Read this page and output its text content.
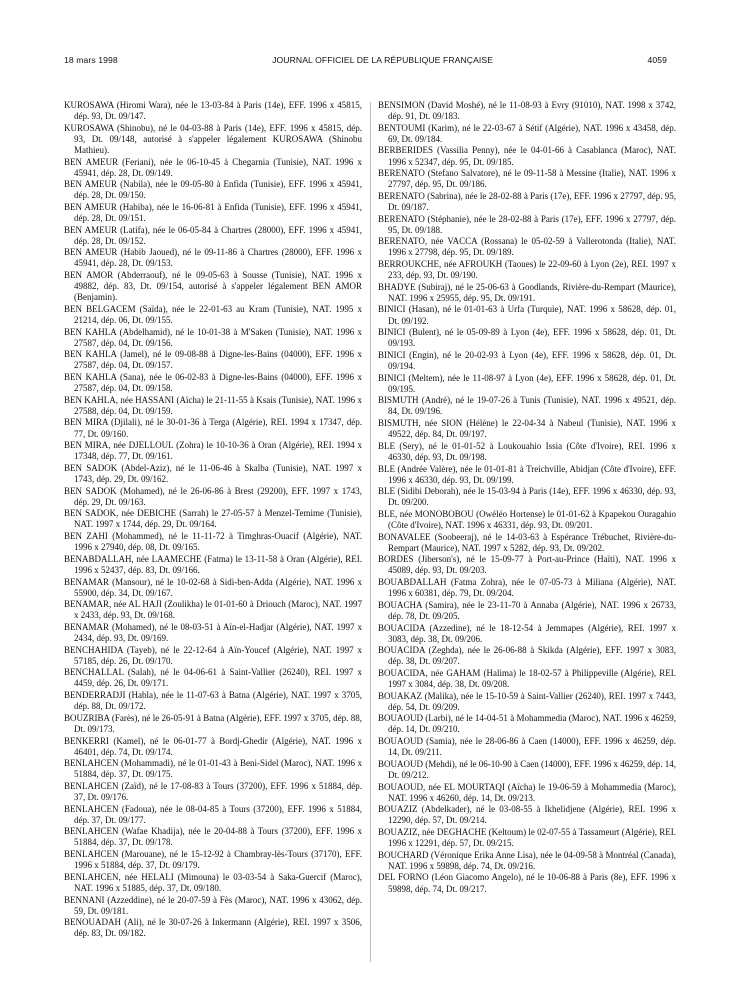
18 mars 1998	JOURNAL OFFICIEL DE LA RÉPUBLIQUE FRANÇAISE	4059

KUROSAWA (Hiromi Wara), née le 13-03-84 à Paris (14e), EFF. 1996 x 45815, dép. 93, Dt. 09/147.

KUROSAWA (Shinobu), né le 04-03-88 à Paris (14e), EFF. 1996 x 45815, dép. 93, Dt. 09/148, autorisé à s'appeler légalement KUROSAWA (Shinobu Mathieu).

BEN AMEUR (Feriani), née le 06-10-45 à Chegarnia (Tunisie), NAT. 1996 x 45941, dép. 28, Dt. 09/149.

BEN AMEUR (Nabila), née le 09-05-80 à Enfida (Tunisie), EFF. 1996 x 45941, dép. 28, Dt. 09/150.

BEN AMEUR (Habiba), née le 16-06-81 à Enfida (Tunisie), EFF. 1996 x 45941, dép. 28, Dt. 09/151.

BEN AMEUR (Latifa), née le 06-05-84 à Chartres (28000), EFF. 1996 x 45941, dép. 28, Dt. 09/152.

BEN AMEUR (Habib Jaoued), né le 09-11-86 à Chartres (28000), EFF. 1996 x 45941, dép. 28, Dt. 09/153.

BEN AMOR (Abderraouf), né le 09-05-63 à Sousse (Tunisie), NAT. 1996 x 49882, dép. 83, Dt. 09/154, autorisé à s'appeler légalement BEN AMOR (Benjamin).

BEN BELGACEM (Saïda), née le 22-01-63 au Kram (Tunisie), NAT. 1995 x 21214, dép. 06, Dt. 09/155.

BEN KAHLA (Abdelhamid), né le 10-01-38 à M'Saken (Tunisie), NAT. 1996 x 27587, dép. 04, Dt. 09/156.

BEN KAHLA (Jamel), né le 09-08-88 à Digne-les-Bains (04000), EFF. 1996 x 27587, dép. 04, Dt. 09/157.

BEN KAHLA (Sana), née le 06-02-83 à Digne-les-Bains (04000), EFF. 1996 x 27587, dép. 04, Dt. 09/158.

BEN KAHLA, née HASSANI (Aïcha) le 21-11-55 à Ksais (Tunisie), NAT. 1996 x 27588, dép. 04, Dt. 09/159.

BEN MIRA (Djilali), né le 30-01-36 à Terga (Algérie), REI. 1994 x 17347, dép. 77, Dt. 09/160.

BEN MIRA, née DJELLOUL (Zohra) le 10-10-36 à Oran (Algérie), REI. 1994 x 17348, dép. 77, Dt. 09/161.

BEN SADOK (Abdel-Aziz), né le 11-06-46 à Skalba (Tunisie), NAT. 1997 x 1743, dép. 29, Dt. 09/162.

BEN SADOK (Mohamed), né le 26-06-86 à Brest (29200), EFF. 1997 x 1743, dép. 29, Dt. 09/163.

BEN SADOK, née DEBICHE (Sarrah) le 27-05-57 à Menzel-Temime (Tunisie), NAT. 1997 x 1744, dép. 29, Dt. 09/164.

BEN ZAHI (Mohammed), né le 11-11-72 à Timghras-Ouacif (Algérie), NAT. 1996 x 27940, dép. 08, Dt. 09/165.

BENABDALLAH, née LAAMECHE (Fatma) le 13-11-58 à Oran (Algérie), REI. 1996 x 52437, dép. 83, Dt. 09/166.

BENAMAR (Mansour), né le 10-02-68 à Sidi-ben-Adda (Algérie), NAT. 1996 x 55900, dép. 34, Dt. 09/167.

BENAMAR, née AL HAJI (Zoulikha) le 01-01-60 à Driouch (Maroc), NAT. 1997 x 2433, dép. 93, Dt. 09/168.

BENAMAR (Mohamed), né le 08-03-51 à Aïn-el-Hadjar (Algérie), NAT. 1997 x 2434, dép. 93, Dt. 09/169.

BENCHAHIDA (Tayeb), né le 22-12-64 à Aïn-Youcef (Algérie), NAT. 1997 x 57185, dép. 26, Dt. 09/170.

BENCHALLAL (Salah), né le 04-06-61 à Saint-Vallier (26240), REI. 1997 x 4459, dép. 26, Dt. 09/171.

BENDERRADJI (Habla), née le 11-07-63 à Batna (Algérie), NAT. 1997 x 3705, dép. 88, Dt. 09/172.

BOUZRIBA (Farès), né le 26-05-91 à Batna (Algérie), EFF. 1997 x 3705, dép. 88, Dt. 09/173.

BENKERRI (Kamel), né le 06-01-77 à Bordj-Ghedir (Algérie), NAT. 1996 x 46401, dép. 74, Dt. 09/174.

BENLAHCEN (Mohammadi), né le 01-01-43 à Beni-Sidel (Maroc), NAT. 1996 x 51884, dép. 37, Dt. 09/175.

BENLAHCEN (Zaïd), né le 17-08-83 à Tours (37200), EFF. 1996 x 51884, dép. 37, Dt. 09/176.

BENLAHCEN (Fadoua), née le 08-04-85 à Tours (37200), EFF. 1996 x 51884, dép. 37, Dt. 09/177.

BENLAHCEN (Wafae Khadija), née le 20-04-88 à Tours (37200), EFF. 1996 x 51884, dép. 37, Dt. 09/178.

BENLAHCEN (Marouane), né le 15-12-92 à Chambray-lès-Tours (37170), EFF. 1996 x 51884, dép. 37, Dt. 09/179.

BENLAHCEN, née HELALI (Mimouna) le 03-03-54 à Saka-Guercif (Maroc), NAT. 1996 x 51885, dép. 37, Dt. 09/180.

BENNANI (Azzeddine), né le 20-07-59 à Fès (Maroc), NAT. 1996 x 43062, dép. 59, Dt. 09/181.

BENOUADAH (Ali), né le 30-07-26 à Inkermann (Algérie), REI. 1997 x 3506, dép. 83, Dt. 09/182.

BENSIMON (David Moshé), né le 11-08-93 à Evry (91010), NAT. 1998 x 3742, dép. 91, Dt. 09/183.

BENTOUMI (Karim), né le 22-03-67 à Sétif (Algérie), NAT. 1996 x 43458, dép. 69, Dt. 09/184.

BERBERIDES (Vassilia Penny), née le 04-01-66 à Casablanca (Maroc), NAT. 1996 x 52347, dép. 95, Dt. 09/185.

BERENATO (Stefano Salvatore), né le 09-11-58 à Messine (Italie), NAT. 1996 x 27797, dép. 95, Dt. 09/186.

BERENATO (Sabrina), née le 28-02-88 à Paris (17e), EFF. 1996 x 27797, dép. 95, Dt. 09/187.

BERENATO (Stéphanie), née le 28-02-88 à Paris (17e), EFF. 1996 x 27797, dép. 95, Dt. 09/188.

BERENATO, née VACCA (Rossana) le 05-02-59 à Vallerotonda (Italie), NAT. 1996 x 27798, dép. 95, Dt. 09/189.

BERROUKCHE, née AFROUKH (Taoues) le 22-09-60 à Lyon (2e), REI. 1997 x 233, dép. 93, Dt. 09/190.

BHADYE (Subiraj), né le 25-06-63 à Goodlands, Rivière-du-Rempart (Maurice), NAT. 1996 x 25955, dép. 95, Dt. 09/191.

BINICI (Hasan), né le 01-01-63 à Urfa (Turquie), NAT. 1996 x 58628, dép. 01, Dt. 09/192.

BINICI (Bulent), né le 05-09-89 à Lyon (4e), EFF. 1996 x 58628, dép. 01, Dt. 09/193.

BINICI (Engin), né le 20-02-93 à Lyon (4e), EFF. 1996 x 58628, dép. 01, Dt. 09/194.

BINICI (Meltem), née le 11-08-97 à Lyon (4e), EFF. 1996 x 58628, dép. 01, Dt. 09/195.

BISMUTH (André), né le 19-07-26 à Tunis (Tunisie), NAT. 1996 x 49521, dép. 84, Dt. 09/196.

BISMUTH, née SION (Hélène) le 22-04-34 à Nabeul (Tunisie), NAT. 1996 x 49522, dép. 84, Dt. 09/197.

BLE (Sery), né le 01-01-52 à Loukouahio Issia (Côte d'Ivoire), REI. 1996 x 46330, dép. 93, Dt. 09/198.

BLE (Andrée Valère), née le 01-01-81 à Treichville, Abidjan (Côte d'Ivoire), EFF. 1996 x 46330, dép. 93, Dt. 09/199.

BLE (Sidibi Deborah), née le 15-03-94 à Paris (14e), EFF. 1996 x 46330, dép. 93, Dt. 09/200.

BLE, née MONOBOBOU (Owéléo Hortense) le 01-01-62 à Kpapekou Ouragahio (Côte d'Ivoire), NAT. 1996 x 46331, dép. 93, Dt. 09/201.

BONAVALEE (Soobeeraj), né le 14-03-63 à Espérance Trébuchet, Rivière-du-Rempart (Maurice), NAT. 1997 x 5282, dép. 93, Dt. 09/202.

BORDES (Jiberson's), né le 15-09-77 à Port-au-Prince (Haïti), NAT. 1996 x 45089, dép. 93, Dt. 09/203.

BOUABDALLAH (Fatma Zohra), née le 07-05-73 à Miliana (Algérie), NAT. 1996 x 60381, dép. 79, Dt. 09/204.

BOUACHA (Samira), née le 23-11-70 à Annaba (Algérie), NAT. 1996 x 26733, dép. 78, Dt. 09/205.

BOUACIDA (Azzedine), né le 18-12-54 à Jemmapes (Algérie), REI. 1997 x 3083, dép. 38, Dt. 09/206.

BOUACIDA (Zeghda), née le 26-06-88 à Skikda (Algérie), EFF. 1997 x 3083, dép. 38, Dt. 09/207.

BOUACIDA, née GAHAM (Halima) le 18-02-57 à Philippeville (Algérie), REI. 1997 x 3084, dép. 38, Dt. 09/208.

BOUAKAZ (Malika), née le 15-10-59 à Saint-Vallier (26240), REI. 1997 x 7443, dép. 54, Dt. 09/209.

BOUAOUD (Larbi), né le 14-04-51 à Mohammedia (Maroc), NAT. 1996 x 46259, dép. 14, Dt. 09/210.

BOUAOUD (Samia), née le 28-06-86 à Caen (14000), EFF. 1996 x 46259, dép. 14, Dt. 09/211.

BOUAOUD (Mehdi), né le 06-10-90 à Caen (14000), EFF. 1996 x 46259, dép. 14, Dt. 09/212.

BOUAOUD, née EL MOURTAQI (Aïcha) le 19-06-59 à Mohammedia (Maroc), NAT. 1996 x 46260, dép. 14, Dt. 09/213.

BOUAZIZ (Abdelkader), né le 03-08-55 à Ikhelidjene (Algérie), REI. 1996 x 12290, dép. 57, Dt. 09/214.

BOUAZIZ, née DEGHACHE (Keltoum) le 02-07-55 à Tassameurt (Algérie), REI. 1996 x 12291, dép. 57, Dt. 09/215.

BOUCHARD (Véronique Erika Anne Lisa), née le 04-09-58 à Montréal (Canada), NAT. 1996 x 59898, dép. 74, Dt. 09/216.

DEL FORNO (Léon Giacomo Angelo), né le 10-06-88 à Paris (8e), EFF. 1996 x 59898, dép. 74, Dt. 09/217.
